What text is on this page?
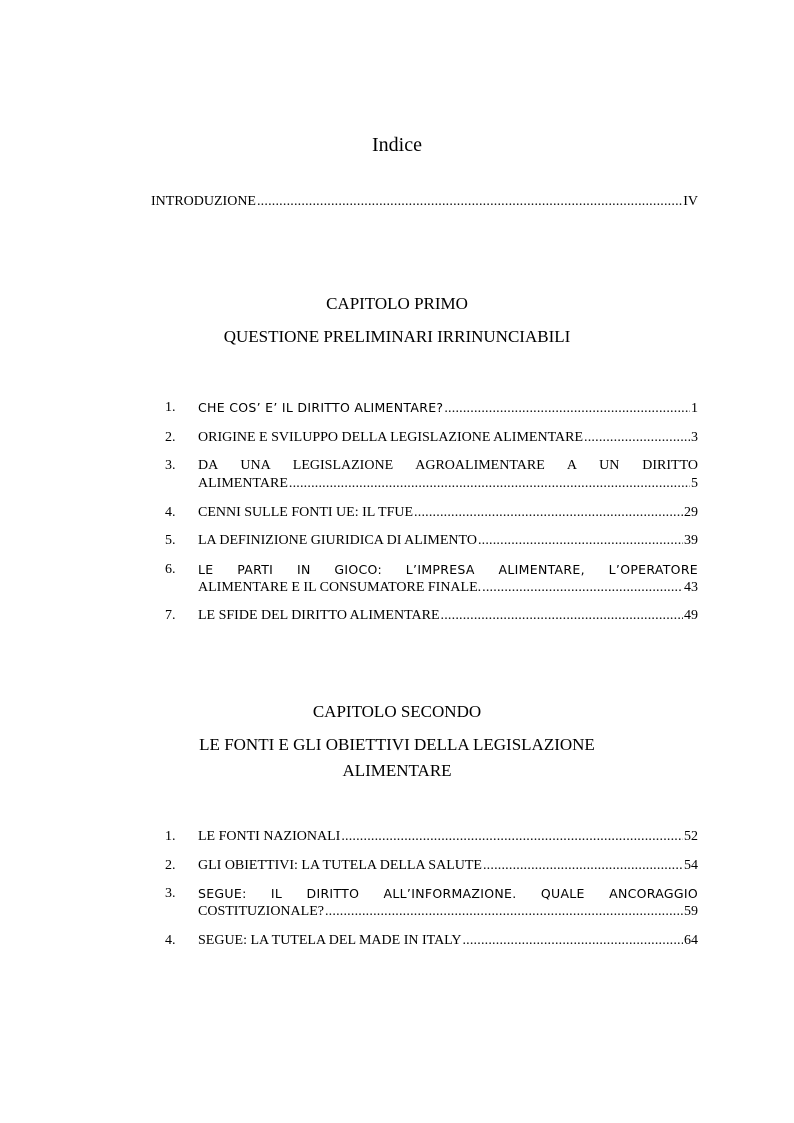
Indice
INTRODUZIONE .....	IV
CAPITOLO PRIMO
QUESTIONE PRELIMINARI IRRINUNCIABILI
1.	CHE COS’ E’ IL DIRITTO ALIMENTARE? .....	1
2.	ORIGINE E SVILUPPO DELLA LEGISLAZIONE ALIMENTARE .....	3
3.	DA UNA LEGISLAZIONE AGROALIMENTARE A UN DIRITTO
ALIMENTARE .....	5
4.	CENNI SULLE FONTI UE: IL TFUE .....	29
5.	LA DEFINIZIONE GIURIDICA DI ALIMENTO .....	39
6.	LE PARTI IN GIOCO: L’IMPRESA ALIMENTARE, L’OPERATORE
ALIMENTARE E IL CONSUMATORE FINALE. .....	43
7.	LE SFIDE DEL DIRITTO ALIMENTARE .....	49
CAPITOLO SECONDO
LE FONTI E GLI OBIETTIVI DELLA LEGISLAZIONE ALIMENTARE
1.	LE FONTI NAZIONALI .....	52
2.	GLI OBIETTIVI: LA TUTELA DELLA SALUTE .....	54
3.	SEGUE: IL DIRITTO ALL’INFORMAZIONE. QUALE ANCORAGGIO
COSTITUZIONALE? .....	59
4.	SEGUE: LA TUTELA DEL MADE IN ITALY .....	64
